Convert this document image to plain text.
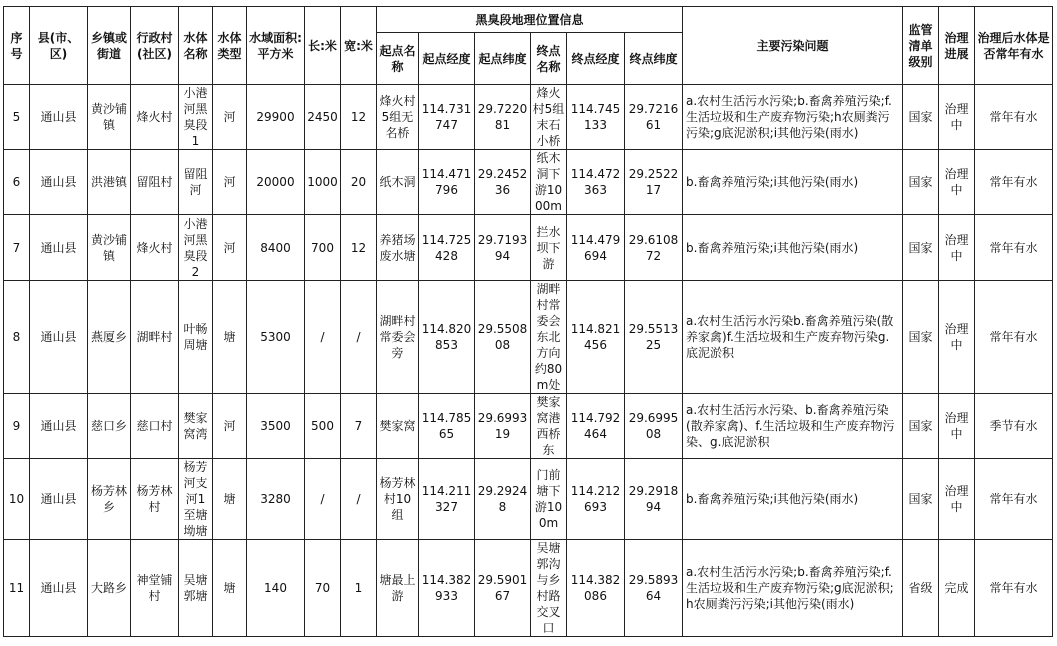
序号	县(市、区)	乡镇或街道	行政村(社区)	水体名称	水体类型	水域面积:平方米	长:米	宽:米	黑臭段地理位置信息						主要污染问题	监管清单级别	治理进展	治理后水体是否常年有水
									起点名称	起点经度	起点纬度	终点名称	终点经度	终点纬度				
5	通山县	黄沙铺镇	烽火村	小港河黑臭段1	河	29900	2450	12	烽火村5组无名桥	114.731747	29.722081	烽火村5组末石小桥	114.745133	29.721661	a.农村生活污水污染;b.畜禽养殖污染;f.生活垃圾和生产废弃物污染;h农厕粪污污染;g底泥淤积;i其他污染(雨水)	国家	治理中	常年有水
6	通山县	洪港镇	留阻村	留阻河	河	20000	1000	20	纸木洞	114.471796	29.245236	纸木洞下游1000m	114.472363	29.252217	b.畜禽养殖污染;i其他污染(雨水)	国家	治理中	常年有水
7	通山县	黄沙铺镇	烽火村	小港河黑臭段2	河	8400	700	12	养猪场废水塘	114.725428	29.719394	拦水坝下游	114.479694	29.610872	b.畜禽养殖污染;i其他污染(雨水)	国家	治理中	常年有水
8	通山县	燕厦乡	湖畔村	叶畅周塘	塘	5300	/	/	湖畔村常委会旁	114.820853	29.550808	湖畔村常委会东北方向约80m处	114.821456	29.551325	a.农村生活污水污染b.畜禽养殖污染(散养家禽)f.生活垃圾和生产废弃物污染g.底泥淤积	国家	治理中	常年有水
9	通山县	慈口乡	慈口村	樊家窝湾	河	3500	500	7	樊家窝	114.78565	29.699319	樊家窝港西桥东	114.792464	29.699508	a.农村生活污水污染、b.畜禽养殖污染(散养家禽)、f.生活垃圾和生产废弃物污染、g.底泥淤积	国家	治理中	季节有水
10	通山县	杨芳林乡	杨芳林村	杨芳河支河1至塘坳塘	塘	3280	/	/	杨芳林村10组	114.211327	29.29248	门前塘下游100m	114.212693	29.291894	b.畜禽养殖污染;i其他污染(雨水)	国家	治理中	常年有水
11	通山县	大路乡	神堂铺村	吴塘郭塘	塘	140	70	1	塘最上游	114.382933	29.590167	吴塘郭沟与乡村路交叉口	114.382086	29.589364	a.农村生活污水污染;b.畜禽养殖污染;f.生活垃圾和生产废弃物污染;g底泥淤积;h农厕粪污污染;i其他污染(雨水)	省级	完成	常年有水
